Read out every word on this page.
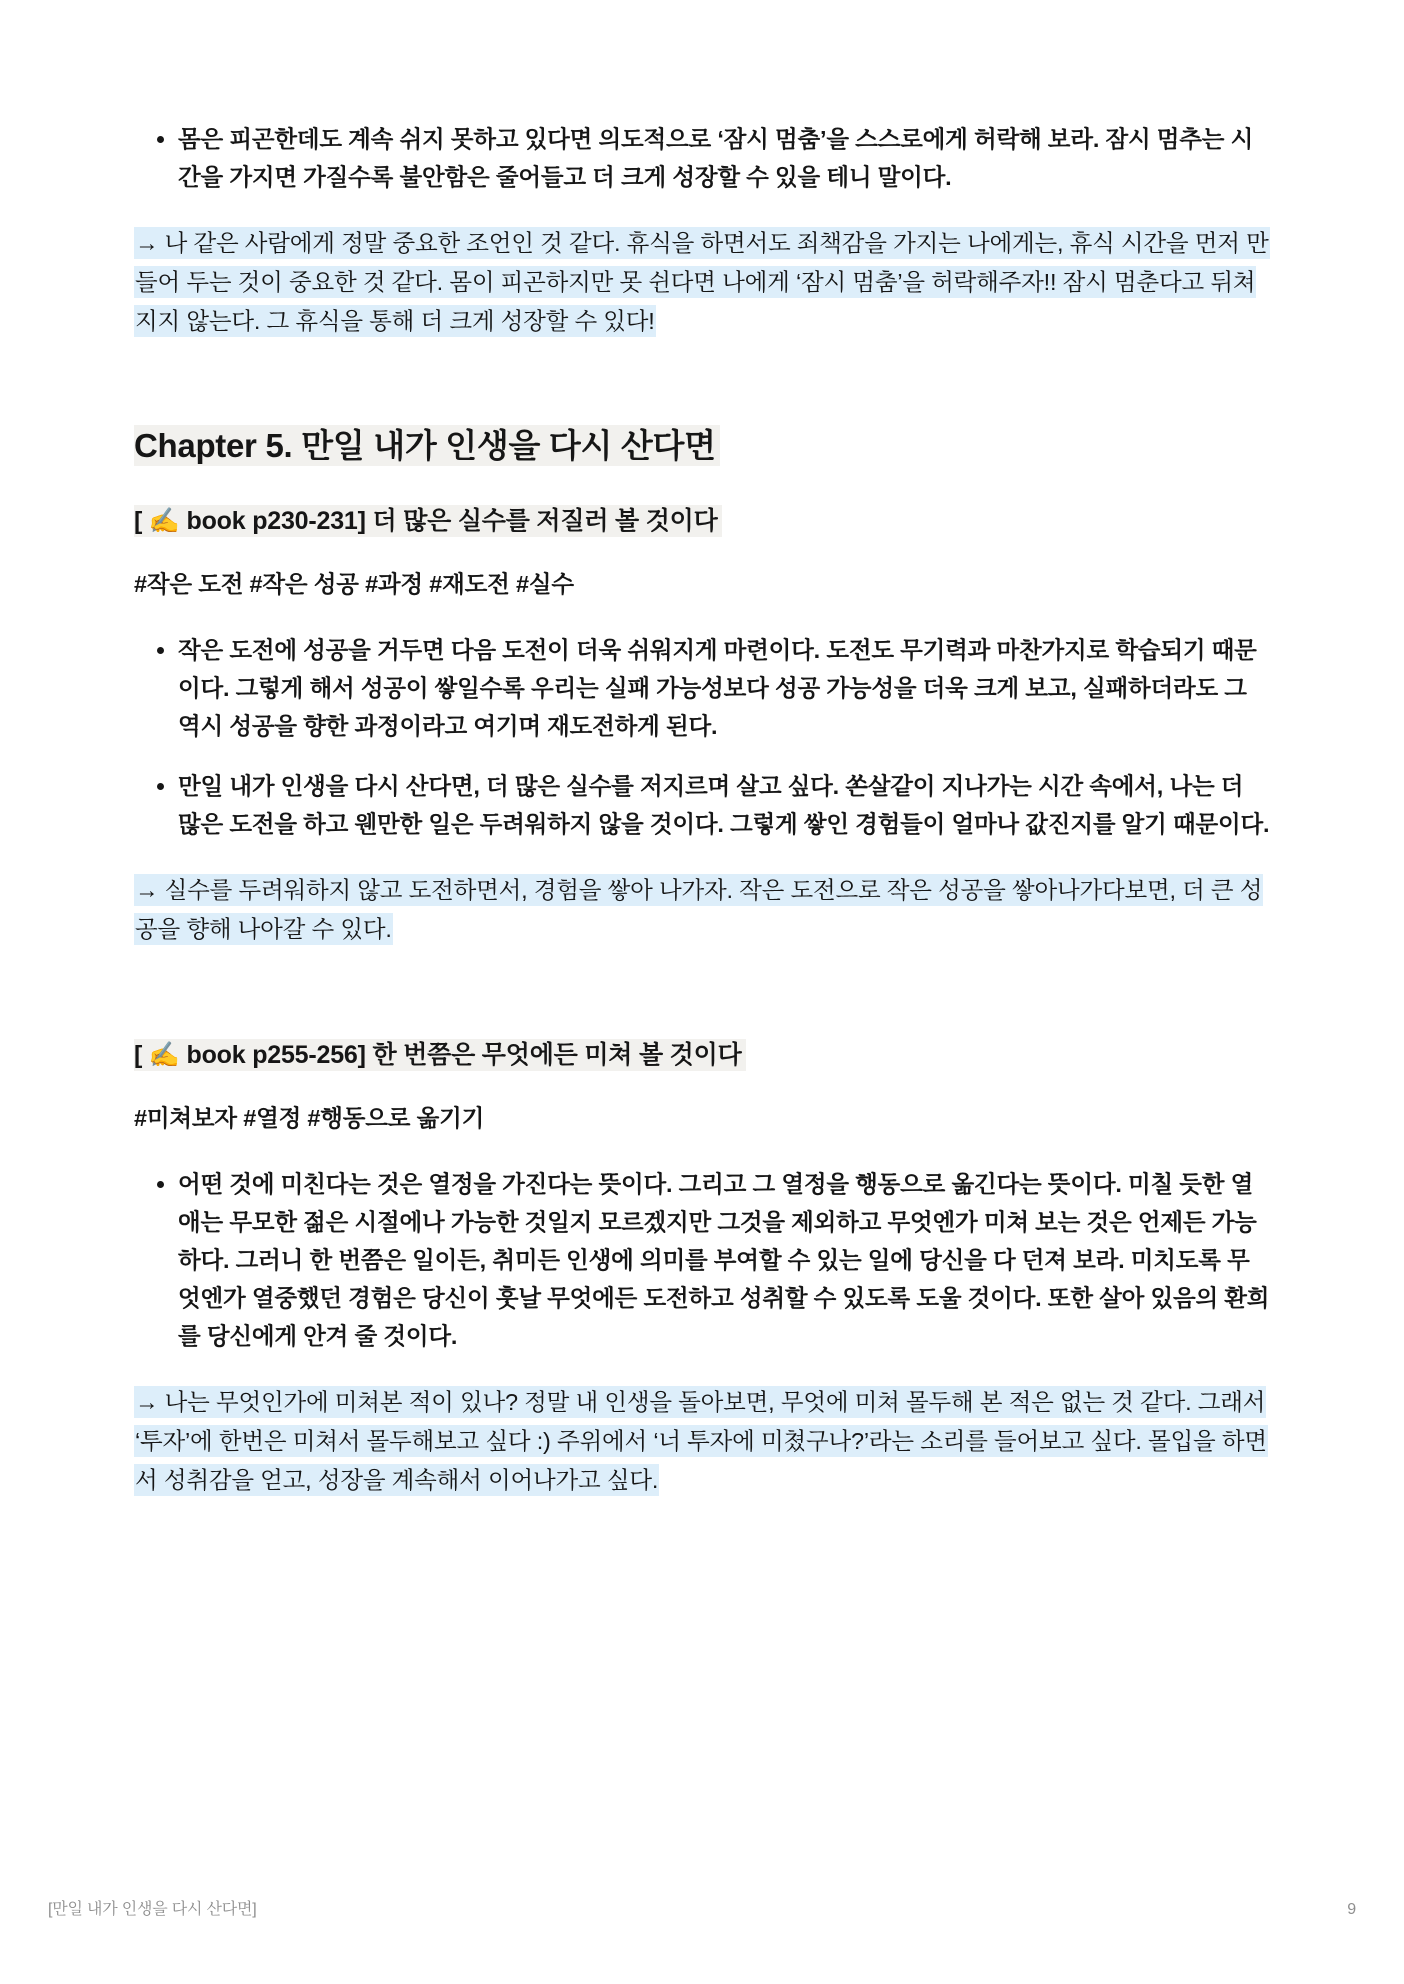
• 몸은 피곤한데도 계속 쉬지 못하고 있다면 의도적으로 ‘잠시 멈춤’을 스스로에게 허락해 보라. 잠시 멈추는 시간을 가지면 가질수록 불안함은 줄어들고 더 크게 성장할 수 있을 테니 말이다.
→ 나 같은 사람에게 정말 중요한 조언인 것 같다. 휴식을 하면서도 죄책감을 가지는 나에게는, 휴식 시간을 먼저 만들어 두는 것이 중요한 것 같다. 몸이 피곤하지만 못 쉰다면 나에게 ‘잠시 멈춤’을 허락해주자!! 잠시 멈춘다고 뒤쳐지지 않는다. 그 휴식을 통해 더 크게 성장할 수 있다!
Chapter 5. 만일 내가 인생을 다시 산다면
[ ✍️ book p230-231] 더 많은 실수를 저질러 볼 것이다
#작은 도전 #작은 성공 #과정 #재도전 #실수
• 작은 도전에 성공을 거두면 다음 도전이 더욱 쉬워지게 마련이다. 도전도 무기력과 마찬가지로 학습되기 때문이다. 그렇게 해서 성공이 쌓일수록 우리는 실패 가능성보다 성공 가능성을 더욱 크게 보고, 실패하더라도 그 역시 성공을 향한 과정이라고 여기며 재도전하게 된다.
• 만일 내가 인생을 다시 산다면, 더 많은 실수를 저지르며 살고 싶다. 쏜살같이 지나가는 시간 속에서, 나는 더 많은 도전을 하고 웬만한 일은 두려워하지 않을 것이다. 그렇게 쌓인 경험들이 얼마나 값진지를 알기 때문이다.
→ 실수를 두려워하지 않고 도전하면서, 경험을 쌓아 나가자. 작은 도전으로 작은 성공을 쌓아나가다보면, 더 큰 성공을 향해 나아갈 수 있다.
[ ✍️ book p255-256] 한 번쯤은 무엇에든 미쳐 볼 것이다
#미쳐보자 #열정 #행동으로 옮기기
• 어떤 것에 미친다는 것은 열정을 가진다는 뜻이다. 그리고 그 열정을 행동으로 옮긴다는 뜻이다. 미칠 듯한 열애는 무모한 젊은 시절에나 가능한 것일지 모르겠지만 그것을 제외하고 무엇엔가 미쳐 보는 것은 언제든 가능하다. 그러니 한 번쯤은 일이든, 취미든 인생에 의미를 부여할 수 있는 일에 당신을 다 던져 보라. 미치도록 무엇엔가 열중했던 경험은 당신이 훗날 무엇에든 도전하고 성취할 수 있도록 도울 것이다. 또한 살아 있음의 환희를 당신에게 안겨 줄 것이다.
→ 나는 무엇인가에 미쳐본 적이 있나? 정말 내 인생을 돌아보면, 무엇에 미쳐 몰두해 본 적은 없는 것 같다. 그래서 ‘투자’에 한번은 미쳐서 몰두해보고 싶다 :) 주위에서 ‘너 투자에 미쳤구나?’라는 소리를 들어보고 싶다. 몰입을 하면서 성취감을 얻고, 성장을 계속해서 이어나가고 싶다.
[만일 내가 인생을 다시 산다면]	9
